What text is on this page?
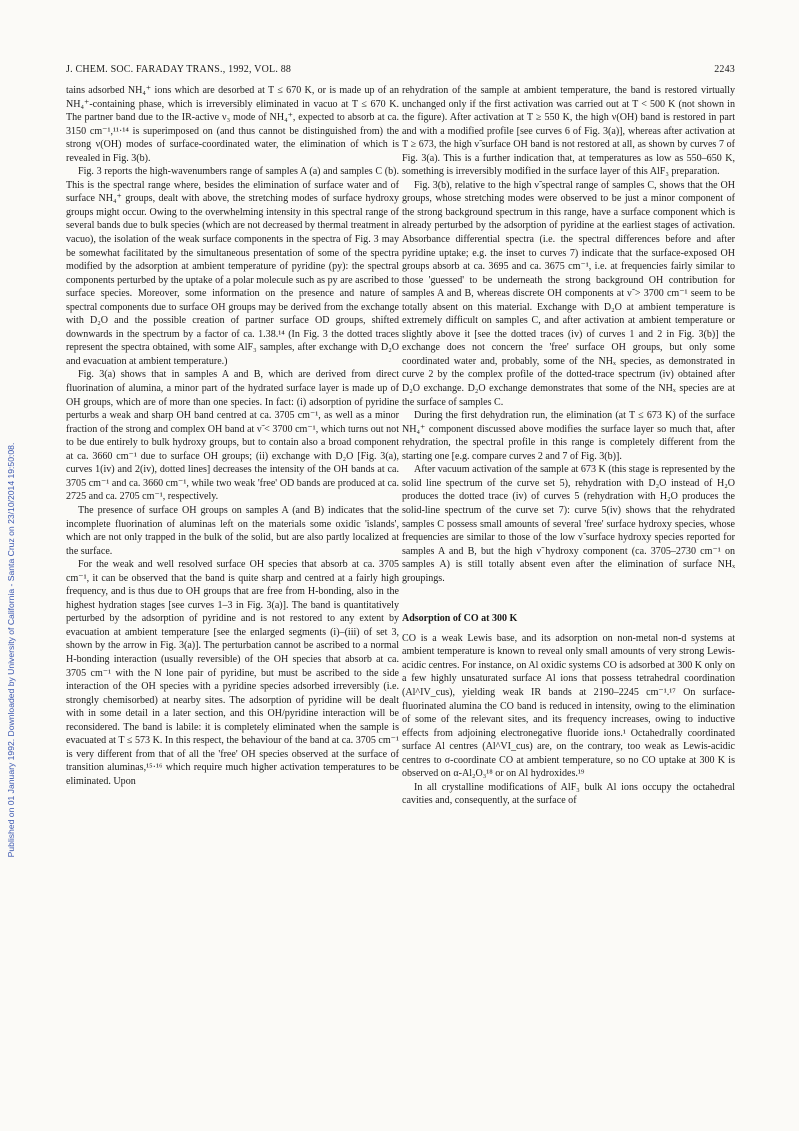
J. CHEM. SOC. FARADAY TRANS., 1992, VOL. 88	2243
Published on 01 January 1992. Downloaded by University of California - Santa Cruz on 23/10/2014 19:50:08.

tains adsorbed NH₄⁺ ions which are desorbed at T ≤ 670 K, or is made up of an NH₄⁺-containing phase, which is irreversibly eliminated in vacuo at T ≤ 670 K. The partner band due to the IR-active ν₃ mode of NH₄⁺, expected to absorb at ca. 3150 cm⁻¹,¹¹·¹⁴ is superimposed on (and thus cannot be distinguished from) the strong ν(OH) modes of surface-coordinated water, the elimination of which is revealed in Fig. 3(b).

Fig. 3 reports the high-wavenumbers range of samples A (a) and samples C (b). This is the spectral range where, besides the elimination of surface water and of surface NH₄⁺ groups, dealt with above, the stretching modes of surface hydroxy groups might occur. Owing to the overwhelming intensity in this spectral range of several bands due to bulk species (which are not decreased by thermal treatment in vacuo), the isolation of the weak surface components in the spectra of Fig. 3 may be somewhat facilitated by the simultaneous presentation of some of the spectra modified by the adsorption at ambient temperature of pyridine (py): the spectral components perturbed by the uptake of a polar molecule such as py are ascribed to surface species. Moreover, some information on the presence and nature of spectral components due to surface OH groups may be derived from the exchange with D₂O and the possible creation of partner surface OD groups, shifted downwards in the spectrum by a factor of ca. 1.38.¹⁴ (In Fig. 3 the dotted traces represent the spectra obtained, with some AlF₃ samples, after exchange with D₂O and evacuation at ambient temperature.)

Fig. 3(a) shows that in samples A and B, which are derived from direct fluorination of alumina, a minor part of the hydrated surface layer is made up of OH groups, which are of more than one species. In fact: (i) adsorption of pyridine perturbs a weak and sharp OH band centred at ca. 3705 cm⁻¹, as well as a minor fraction of the strong and complex OH band at ν̃ < 3700 cm⁻¹, which turns out not to be due entirely to bulk hydroxy groups, but to contain also a broad component at ca. 3660 cm⁻¹ due to surface OH groups; (ii) exchange with D₂O [Fig. 3(a), curves 1(iv) and 2(iv), dotted lines] decreases the intensity of the OH bands at ca. 3705 cm⁻¹ and ca. 3660 cm⁻¹, while two weak 'free' OD bands are produced at ca. 2725 and ca. 2705 cm⁻¹, respectively.

The presence of surface OH groups on samples A (and B) indicates that the incomplete fluorination of aluminas left on the materials some oxidic 'islands', which are not only trapped in the bulk of the solid, but are also partly localized at the surface.

For the weak and well resolved surface OH species that absorb at ca. 3705 cm⁻¹, it can be observed that the band is quite sharp and centred at a fairly high frequency, and is thus due to OH groups that are free from H-bonding, also in the highest hydration stages [see curves 1–3 in Fig. 3(a)]. The band is quantitatively perturbed by the adsorption of pyridine and is not restored to any extent by evacuation at ambient temperature [see the enlarged segments (i)–(iii) of set 3, shown by the arrow in Fig. 3(a)]. The perturbation cannot be ascribed to a normal H-bonding interaction (usually reversible) of the OH species that absorb at ca. 3705 cm⁻¹ with the N lone pair of pyridine, but must be ascribed to the side interaction of the OH species with a pyridine species adsorbed irreversibly (i.e. strongly chemisorbed) at nearby sites. The adsorption of pyridine will be dealt with in some detail in a later section, and this OH/pyridine interaction will be reconsidered. The band is labile: it is completely eliminated when the sample is evacuated at T ≤ 573 K. In this respect, the behaviour of the band at ca. 3705 cm⁻¹ is very different from that of all the 'free' OH species observed at the surface of transition aluminas,¹⁵·¹⁶ which require much higher activation temperatures to be eliminated. Upon

rehydration of the sample at ambient temperature, the band is restored virtually unchanged only if the first activation was carried out at T < 500 K (not shown in the figure). After activation at T ≥ 550 K, the high ν(OH) band is restored in part and with a modified profile [see curves 6 of Fig. 3(a)], whereas after activation at T ≥ 673, the high ν̃ surface OH band is not restored at all, as shown by curves 7 of Fig. 3(a). This is a further indication that, at temperatures as low as 550–650 K, something is irreversibly modified in the surface layer of this AlF₃ preparation.

Fig. 3(b), relative to the high ν̃ spectral range of samples C, shows that the OH groups, whose stretching modes were observed to be just a minor component of the strong background spectrum in this range, have a surface component which is already perturbed by the adsorption of pyridine at the earliest stages of activation. Absorbance differential spectra (i.e. the spectral differences before and after pyridine uptake; e.g. the inset to curves 7) indicate that the surface-exposed OH groups absorb at ca. 3695 and ca. 3675 cm⁻¹, i.e. at frequencies fairly similar to those 'guessed' to be underneath the strong background OH contribution for samples A and B, whereas discrete OH components at ν̃ > 3700 cm⁻¹ seem to be totally absent on this material. Exchange with D₂O at ambient temperature is extremely difficult on samples C, and after activation at ambient temperature or slightly above it [see the dotted traces (iv) of curves 1 and 2 in Fig. 3(b)] the exchange does not concern the 'free' surface OH groups, but only some coordinated water and, probably, some of the NHₓ species, as demonstrated in curve 2 by the complex profile of the dotted-trace spectrum (iv) obtained after D₂O exchange. D₂O exchange demonstrates that some of the NHₓ species are at the surface of samples C.

During the first dehydration run, the elimination (at T ≤ 673 K) of the surface NH₄⁺ component discussed above modifies the surface layer so much that, after rehydration, the spectral profile in this range is completely different from the starting one [e.g. compare curves 2 and 7 of Fig. 3(b)].

After vacuum activation of the sample at 673 K (this stage is represented by the solid line spectrum of the curve set 5), rehydration with D₂O instead of H₂O produces the dotted trace (iv) of curves 5 (rehydration with H₂O produces the solid-line spectrum of the curve set 7): curve 5(iv) shows that the rehydrated samples C possess small amounts of several 'free' surface hydroxy species, whose frequencies are similar to those of the low ν̃ surface hydroxy species reported for samples A and B, but the high ν̃ hydroxy component (ca. 3705–2730 cm⁻¹ on samples A) is still totally absent even after the elimination of surface NHₓ groupings.

Adsorption of CO at 300 K

CO is a weak Lewis base, and its adsorption on non-metal non-d systems at ambient temperature is known to reveal only small amounts of very strong Lewis-acidic centres. For instance, on Al oxidic systems CO is adsorbed at 300 K only on a few highly unsaturated surface Al ions that possess tetrahedral coordination (Al^IV_cus), yielding weak IR bands at 2190–2245 cm⁻¹.¹⁷ On surface-fluorinated alumina the CO band is reduced in intensity, owing to the elimination of some of the relevant sites, and its frequency increases, owing to inductive effects from adjoining electronegative fluoride ions.¹ Octahedrally coordinated surface Al centres (Al^VI_cus) are, on the contrary, too weak as Lewis-acidic centres to σ-coordinate CO at ambient temperature, so no CO uptake at 300 K is observed on α-Al₂O₃¹⁸ or on Al hydroxides.¹⁹

In all crystalline modifications of AlF₃ bulk Al ions occupy the octahedral cavities and, consequently, at the surface of
